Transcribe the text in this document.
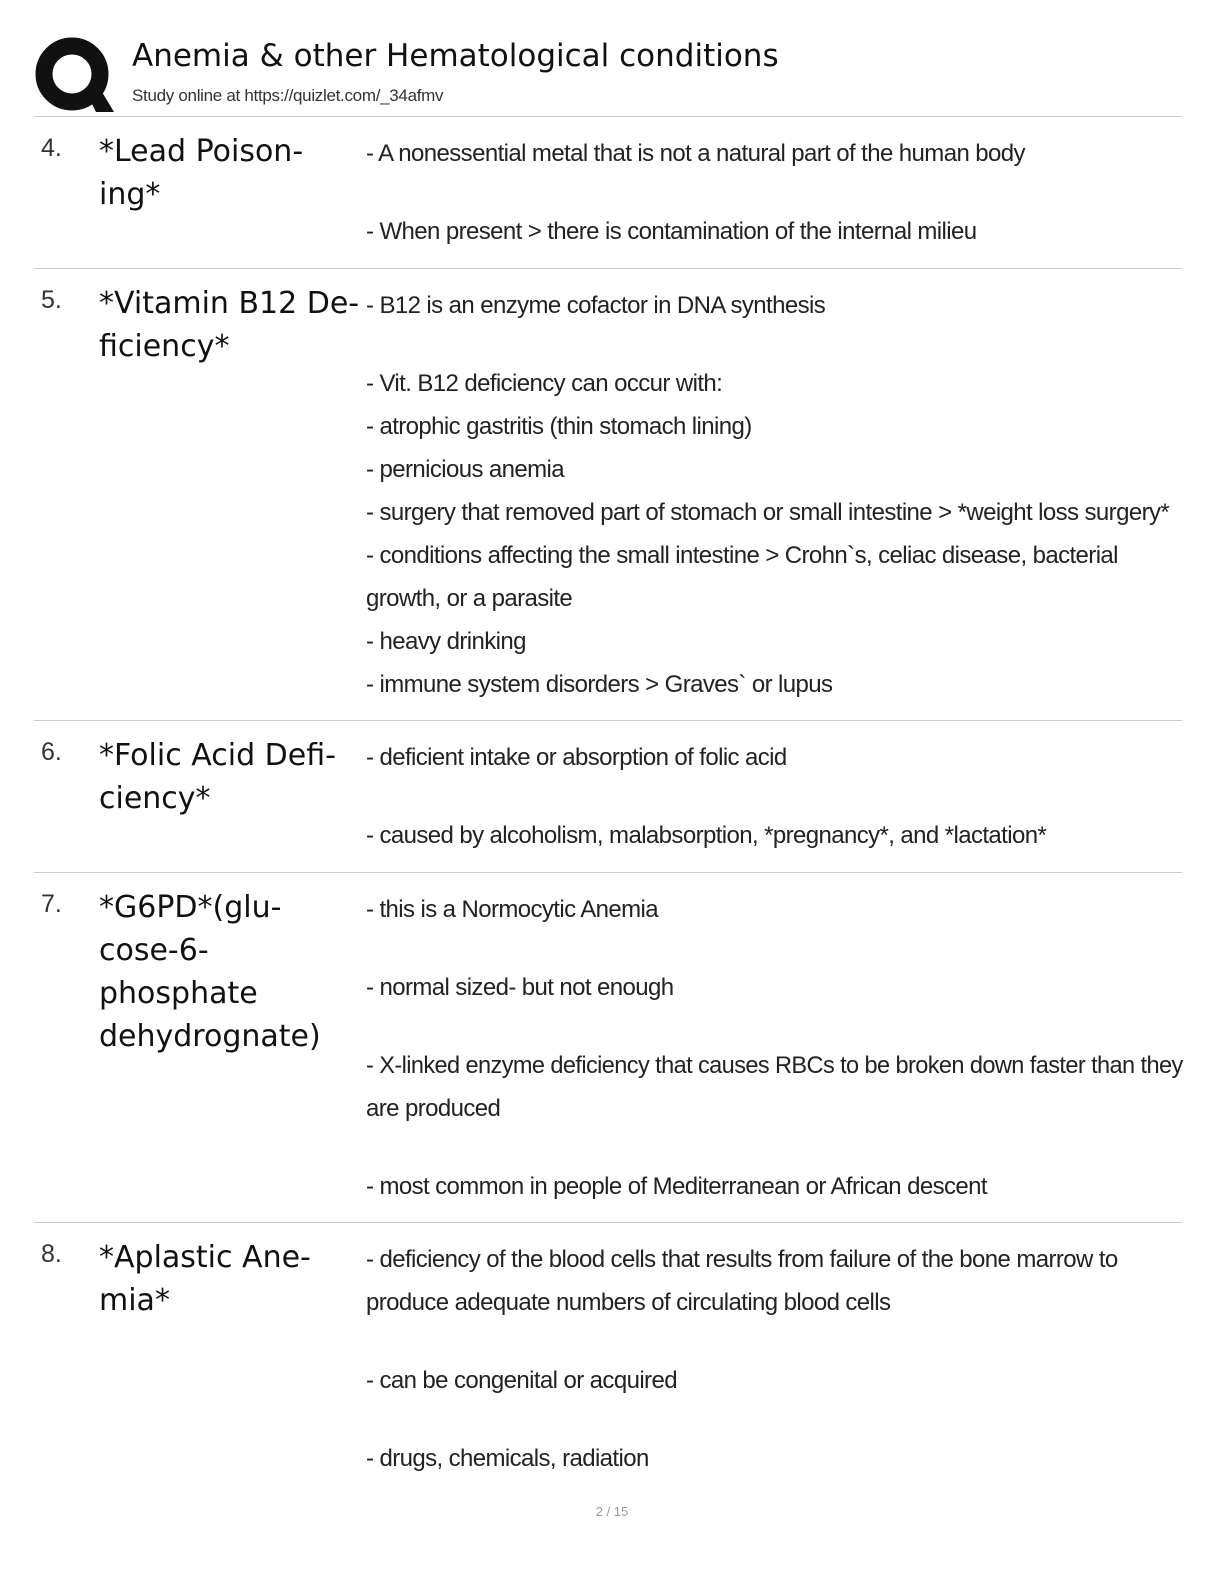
Anemia & other Hematological conditions
Study online at https://quizlet.com/_34afmv
4. *Lead Poison-
ing*
- A nonessential metal that is not a natural part of the human body
- When present > there is contamination of the internal milieu
5. *Vitamin B12 De-
ficiency*
- B12 is an enzyme cofactor in DNA synthesis
- Vit. B12 deficiency can occur with:
- atrophic gastritis (thin stomach lining)
- pernicious anemia
- surgery that removed part of stomach or small intestine > *weight loss surgery*
- conditions affecting the small intestine > Crohn`s, celiac disease, bacterial
growth, or a parasite
- heavy drinking
- immune system disorders > Graves` or lupus
6. *Folic Acid Defi-
ciency*
- deficient intake or absorption of folic acid
- caused by alcoholism, malabsorption, *pregnancy*, and *lactation*
7. *G6PD*(glu-
cose-6-
phosphate
dehydrognate)
- this is a Normocytic Anemia
- normal sized- but not enough
- X-linked enzyme deficiency that causes RBCs to be broken down faster than they
are produced
- most common in people of Mediterranean or African descent
8. *Aplastic Ane-
mia*
- deficiency of the blood cells that results from failure of the bone marrow to
produce adequate numbers of circulating blood cells
- can be congenital or acquired
- drugs, chemicals, radiation
2 / 15
